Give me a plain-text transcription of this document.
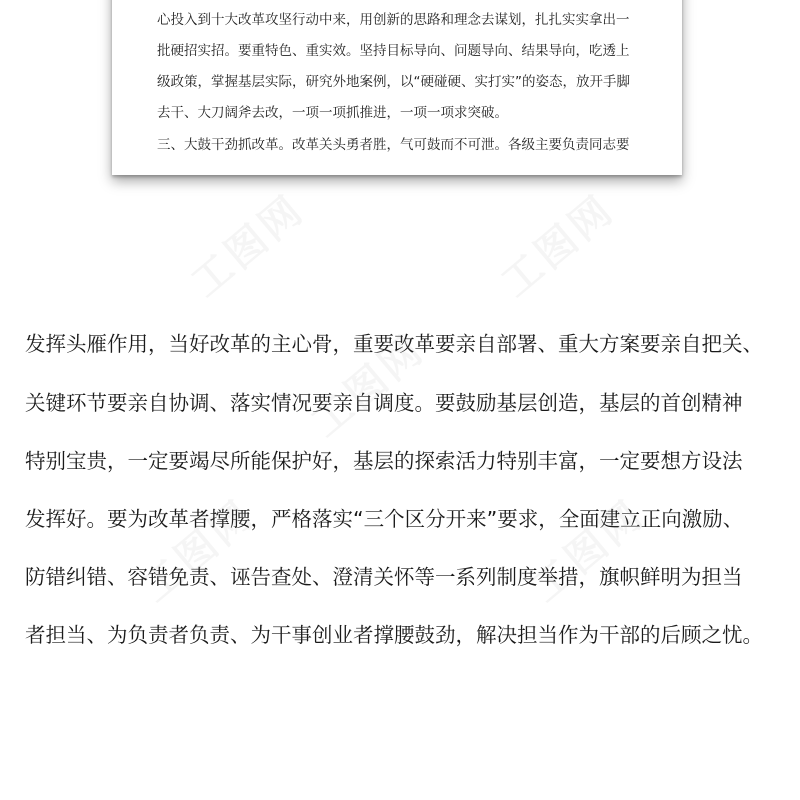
心投入到十大改革攻坚行动中来，用创新的思路和理念去谋划，扎扎实实拿出一
批硬招实招。要重特色、重实效。坚持目标导向、问题导向、结果导向，吃透上
级政策，掌握基层实际，研究外地案例，以“硬碰硬、实打实”的姿态，放开手脚
去干、大刀阔斧去改，一项一项抓推进，一项一项求突破。
三、大鼓干劲抓改革。改革关头勇者胜，气可鼓而不可泄。各级主要负责同志要
发挥头雁作用，当好改革的主心骨，重要改革要亲自部署、重大方案要亲自把关、
关键环节要亲自协调、落实情况要亲自调度。要鼓励基层创造，基层的首创精神
特别宝贵，一定要竭尽所能保护好，基层的探索活力特别丰富，一定要想方设法
发挥好。要为改革者撑腰，严格落实“三个区分开来”要求，全面建立正向激励、
防错纠错、容错免责、诬告查处、澄清关怀等一系列制度举措，旗帜鲜明为担当
者担当、为负责者负责、为干事创业者撑腰鼓劲，解决担当作为干部的后顾之忧。
工图网	工图网
工图网
工图网	工图网
